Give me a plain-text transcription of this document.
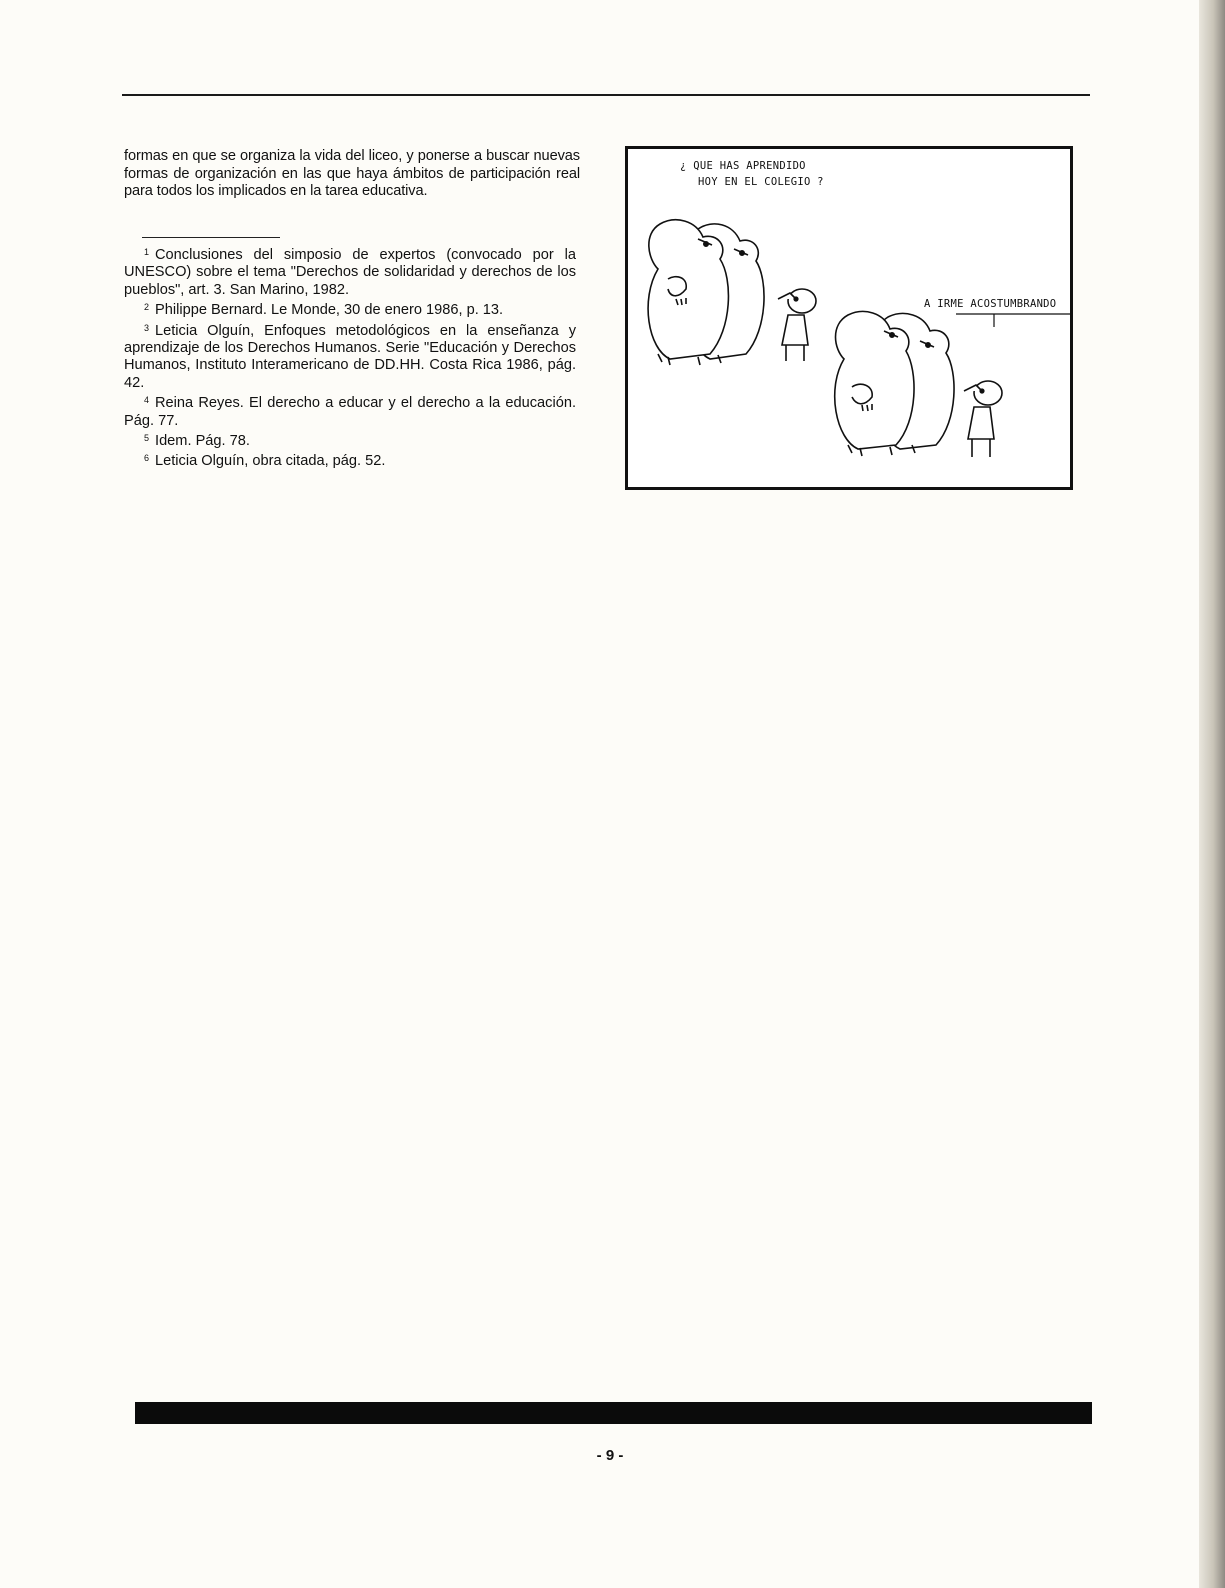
formas en que se organiza la vida del liceo, y ponerse a buscar nuevas formas de organización en las que haya ámbitos de participación real para todos los implicados en la tarea educativa.

$^1$ Conclusiones del simposio de expertos (convocado por la UNESCO) sobre el tema "Derechos de solidaridad y derechos de los pueblos", art. 3. San Marino, 1982.

$^2$ Philippe Bernard. Le Monde, 30 de enero 1986, p. 13.

$^3$ Leticia Olguín, Enfoques metodológicos en la enseñanza y aprendizaje de los Derechos Humanos. Serie "Educación y Derechos Humanos, Instituto Interamericano de DD.HH. Costa Rica 1986, pág. 42.

$^4$ Reina Reyes. El derecho a educar y el derecho a la educación. Pág. 77.

$^5$ Idem. Pág. 78.

$^6$ Leticia Olguín, obra citada, pág. 52.

¿ QUE HAS APRENDIDO
HOY EN EL COLEGIO ?
A IRME ACOSTUMBRANDO
- 9 -
